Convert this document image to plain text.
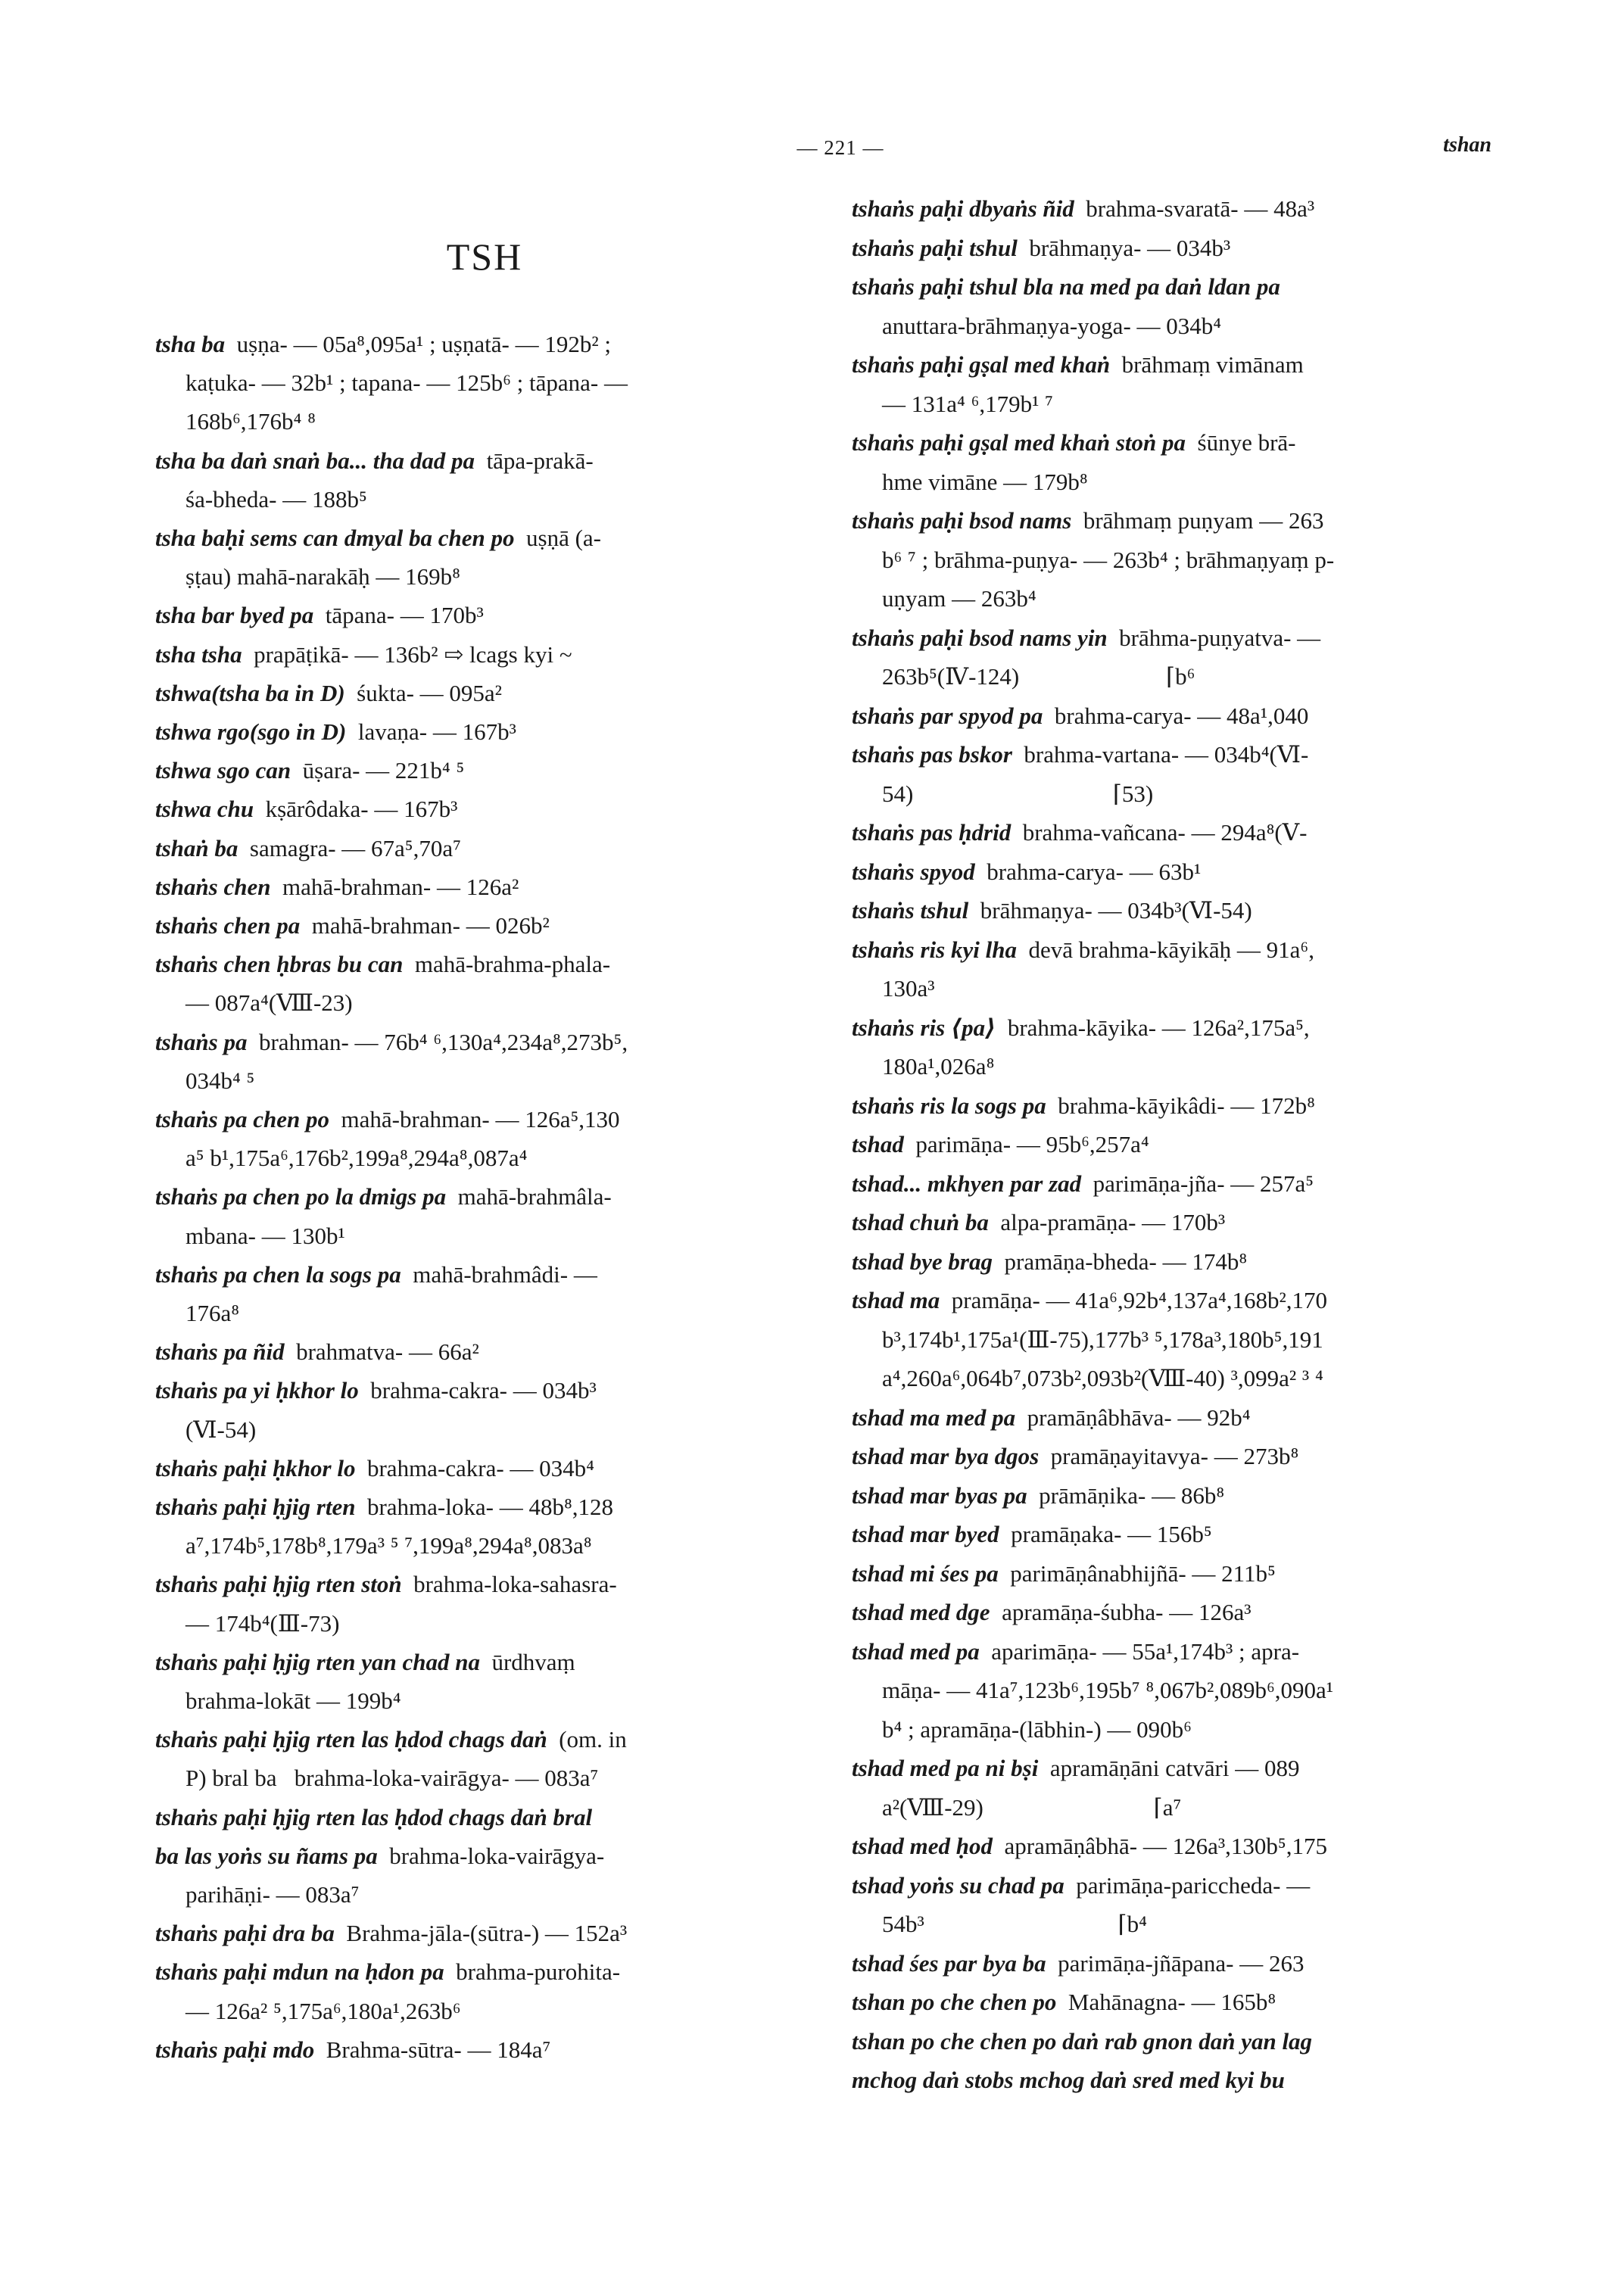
— 221 —	tshan
TSH
tsha ba  uṣṇa- — 05a⁸,095a¹ ; uṣṇatā- — 192b² ;
kaṭuka- — 32b¹ ; tapana- — 125b⁶ ; tāpana- —
168b⁶,176b⁴ ⁸
tsha ba daṅ snaṅ ba... tha dad pa  tāpa-prakā-
śa-bheda- — 188b⁵
tsha baḥi sems can dmyal ba chen po  uṣṇā (a-
ṣṭau) mahā-narakāḥ — 169b⁸
tsha bar byed pa  tāpana- — 170b³
tsha tsha  prapāṭikā- — 136b² ⇨ lcags kyi ~
tshwa(tsha ba in D)  śukta- — 095a²
tshwa rgo(sgo in D)  lavaṇa- — 167b³
tshwa sgo can  ūṣara- — 221b⁴ ⁵
tshwa chu  kṣārôdaka- — 167b³
tshaṅ ba  samagra- — 67a⁵,70a⁷
tshaṅs chen  mahā-brahman- — 126a²
tshaṅs chen pa  mahā-brahman- — 026b²
tshaṅs chen ḥbras bu can  mahā-brahma-phala-
— 087a⁴(Ⅷ-23)
tshaṅs pa  brahman- — 76b⁴ ⁶,130a⁴,234a⁸,273b⁵,
034b⁴ ⁵
tshaṅs pa chen po  mahā-brahman- — 126a⁵,130
a⁵ b¹,175a⁶,176b²,199a⁸,294a⁸,087a⁴
tshaṅs pa chen po la dmigs pa  mahā-brahmâla-
mbana- — 130b¹
tshaṅs pa chen la sogs pa  mahā-brahmâdi- —
176a⁸
tshaṅs pa ñid  brahmatva- — 66a²
tshaṅs pa yi ḥkhor lo  brahma-cakra- — 034b³
(Ⅵ-54)
tshaṅs paḥi ḥkhor lo  brahma-cakra- — 034b⁴
tshaṅs paḥi ḥjig rten  brahma-loka- — 48b⁸,128
a⁷,174b⁵,178b⁸,179a³ ⁵ ⁷,199a⁸,294a⁸,083a⁸
tshaṅs paḥi ḥjig rten stoṅ  brahma-loka-sahasra-
— 174b⁴(Ⅲ-73)
tshaṅs paḥi ḥjig rten yan chad na  ūrdhvaṃ
brahma-lokāt — 199b⁴
tshaṅs paḥi ḥjig rten las ḥdod chags daṅ  (om. in
P) bral ba   brahma-loka-vairāgya- — 083a⁷
tshaṅs paḥi ḥjig rten las ḥdod chags daṅ bral
ba las yoṅs su ñams pa  brahma-loka-vairāgya-
parihāṇi- — 083a⁷
tshaṅs paḥi dra ba  Brahma-jāla-(sūtra-) — 152a³
tshaṅs paḥi mdun na ḥdon pa  brahma-purohita-
— 126a² ⁵,175a⁶,180a¹,263b⁶
tshaṅs paḥi mdo  Brahma-sūtra- — 184a⁷
tshaṅs paḥi dbyaṅs ñid  brahma-svaratā- — 48a³
tshaṅs paḥi tshul  brāhmaṇya- — 034b³
tshaṅs paḥi tshul bla na med pa daṅ ldan pa
anuttara-brāhmaṇya-yoga- — 034b⁴
tshaṅs paḥi gṣal med khaṅ  brāhmaṃ vimānam
— 131a⁴ ⁶,179b¹ ⁷
tshaṅs paḥi gṣal med khaṅ stoṅ pa  śūnye brā-
hme vimāne — 179b⁸
tshaṅs paḥi bsod nams  brāhmaṃ puṇyam — 263
b⁶ ⁷ ; brāhma-puṇya- — 263b⁴ ; brāhmaṇyaṃ p-
uṇyam — 263b⁴
tshaṅs paḥi bsod nams yin  brāhma-puṇyatva- —
263b⁵(Ⅳ-124)                         ⌈b⁶
tshaṅs par spyod pa  brahma-carya- — 48a¹,040
tshaṅs pas bskor  brahma-vartana- — 034b⁴(Ⅵ-
54)                                  ⌈53)
tshaṅs pas ḥdrid  brahma-vañcana- — 294a⁸(Ⅴ-
tshaṅs spyod  brahma-carya- — 63b¹
tshaṅs tshul  brāhmaṇya- — 034b³(Ⅵ-54)
tshaṅs ris kyi lha  devā brahma-kāyikāḥ — 91a⁶,
130a³
tshaṅs ris ⟨pa⟩  brahma-kāyika- — 126a²,175a⁵,
180a¹,026a⁸
tshaṅs ris la sogs pa  brahma-kāyikâdi- — 172b⁸
tshad  parimāṇa- — 95b⁶,257a⁴
tshad... mkhyen par zad  parimāṇa-jña- — 257a⁵
tshad chuṅ ba  alpa-pramāṇa- — 170b³
tshad bye brag  pramāṇa-bheda- — 174b⁸
tshad ma  pramāṇa- — 41a⁶,92b⁴,137a⁴,168b²,170
b³,174b¹,175a¹(Ⅲ-75),177b³ ⁵,178a³,180b⁵,191
a⁴,260a⁶,064b⁷,073b²,093b²(Ⅷ-40) ³,099a² ³ ⁴
tshad ma med pa  pramāṇâbhāva- — 92b⁴
tshad mar bya dgos  pramāṇayitavya- — 273b⁸
tshad mar byas pa  prāmāṇika- — 86b⁸
tshad mar byed  pramāṇaka- — 156b⁵
tshad mi śes pa  parimāṇânabhijñā- — 211b⁵
tshad med dge  apramāṇa-śubha- — 126a³
tshad med pa  aparimāṇa- — 55a¹,174b³ ; apra-
māṇa- — 41a⁷,123b⁶,195b⁷ ⁸,067b²,089b⁶,090a¹
b⁴ ; apramāṇa-(lābhin-) — 090b⁶
tshad med pa ni bṣi  apramāṇāni catvāri — 089
a²(Ⅷ-29)                             ⌈a⁷
tshad med ḥod  apramāṇâbhā- — 126a³,130b⁵,175
tshad yoṅs su chad pa  parimāṇa-pariccheda- —
54b³                                 ⌈b⁴
tshad śes par bya ba  parimāṇa-jñāpana- — 263
tshan po che chen po  Mahānagna- — 165b⁸
tshan po che chen po daṅ rab gnon daṅ yan lag
mchog daṅ stobs mchog daṅ sred med kyi bu
